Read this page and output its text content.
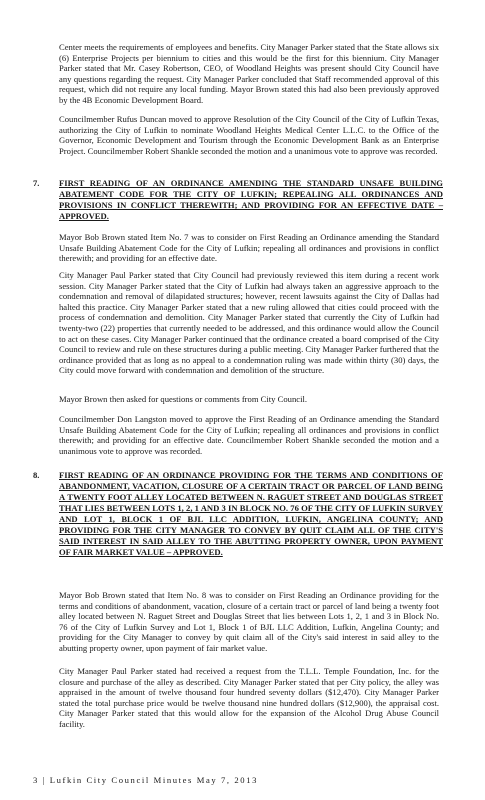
Center meets the requirements of employees and benefits. City Manager Parker stated that the State allows six (6) Enterprise Projects per biennium to cities and this would be the first for this biennium. City Manager Parker stated that Mr. Casey Robertson, CEO, of Woodland Heights was present should City Council have any questions regarding the request. City Manager Parker concluded that Staff recommended approval of this request, which did not require any local funding. Mayor Brown stated this had also been previously approved by the 4B Economic Development Board.

Councilmember Rufus Duncan moved to approve Resolution of the City Council of the City of Lufkin Texas, authorizing the City of Lufkin to nominate Woodland Heights Medical Center L.L.C. to the Office of the Governor, Economic Development and Tourism through the Economic Development Bank as an Enterprise Project. Councilmember Robert Shankle seconded the motion and a unanimous vote to approve was recorded.

7. FIRST READING OF AN ORDINANCE AMENDING THE STANDARD UNSAFE BUILDING ABATEMENT CODE FOR THE CITY OF LUFKIN; REPEALING ALL ORDINANCES AND PROVISIONS IN CONFLICT THEREWITH; AND PROVIDING FOR AN EFFECTIVE DATE – APPROVED.

Mayor Bob Brown stated Item No. 7 was to consider on First Reading an Ordinance amending the Standard Unsafe Building Abatement Code for the City of Lufkin; repealing all ordinances and provisions in conflict therewith; and providing for an effective date.

City Manager Paul Parker stated that City Council had previously reviewed this item during a recent work session. City Manager Parker stated that the City of Lufkin had always taken an aggressive approach to the condemnation and removal of dilapidated structures; however, recent lawsuits against the City of Dallas had halted this practice. City Manager Parker stated that a new ruling allowed that cities could proceed with the process of condemnation and demolition. City Manager Parker stated that currently the City of Lufkin had twenty-two (22) properties that currently needed to be addressed, and this ordinance would allow the Council to act on these cases. City Manager Parker continued that the ordinance created a board comprised of the City Council to review and rule on these structures during a public meeting. City Manager Parker furthered that the ordinance provided that as long as no appeal to a condemnation ruling was made within thirty (30) days, the City could move forward with condemnation and demolition of the structure.

Mayor Brown then asked for questions or comments from City Council.

Councilmember Don Langston moved to approve the First Reading of an Ordinance amending the Standard Unsafe Building Abatement Code for the City of Lufkin; repealing all ordinances and provisions in conflict therewith; and providing for an effective date. Councilmember Robert Shankle seconded the motion and a unanimous vote to approve was recorded.

8. FIRST READING OF AN ORDINANCE PROVIDING FOR THE TERMS AND CONDITIONS OF ABANDONMENT, VACATION, CLOSURE OF A CERTAIN TRACT OR PARCEL OF LAND BEING A TWENTY FOOT ALLEY LOCATED BETWEEN N. RAGUET STREET AND DOUGLAS STREET THAT LIES BETWEEN LOTS 1, 2, 1 AND 3 IN BLOCK NO. 76 OF THE CITY OF LUFKIN SURVEY AND LOT 1, BLOCK 1 OF BJL LLC ADDITION, LUFKIN, ANGELINA COUNTY; AND PROVIDING FOR THE CITY MANAGER TO CONVEY BY QUIT CLAIM ALL OF THE CITY'S SAID INTEREST IN SAID ALLEY TO THE ABUTTING PROPERTY OWNER, UPON PAYMENT OF FAIR MARKET VALUE – APPROVED.

Mayor Bob Brown stated that Item No. 8 was to consider on First Reading an Ordinance providing for the terms and conditions of abandonment, vacation, closure of a certain tract or parcel of land being a twenty foot alley located between N. Raguet Street and Douglas Street that lies between Lots 1, 2, 1 and 3 in Block No. 76 of the City of Lufkin Survey and Lot 1, Block 1 of BJL LLC Addition, Lufkin, Angelina County; and providing for the City Manager to convey by quit claim all of the City's said interest in said alley to the abutting property owner, upon payment of fair market value.

City Manager Paul Parker stated had received a request from the T.L.L. Temple Foundation, Inc. for the closure and purchase of the alley as described. City Manager Parker stated that per City policy, the alley was appraised in the amount of twelve thousand four hundred seventy dollars ($12,470). City Manager Parker stated the total purchase price would be twelve thousand nine hundred dollars ($12,900), the appraisal cost. City Manager Parker stated that this would allow for the expansion of the Alcohol Drug Abuse Council facility.

3 | Lufkin City Council Minutes May 7, 2013
